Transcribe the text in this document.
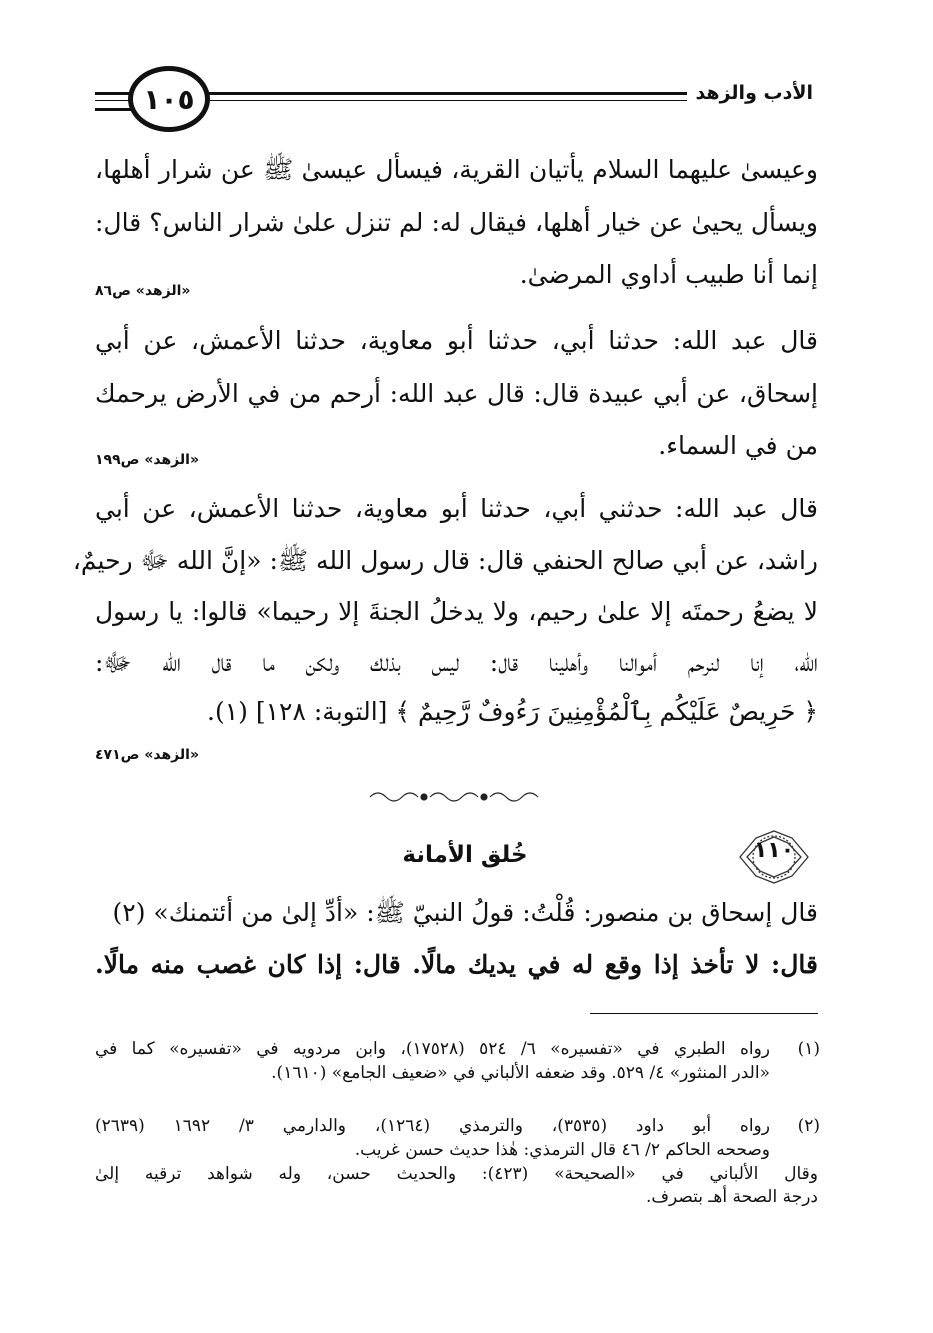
الأدب والزهد
١٠٥
وعيسىٰ عليهما السلام يأتيان القرية، فيسأل عيسىٰ ﷺ عن شرار أهلها،
ويسأل يحيىٰ عن خيار أهلها، فيقال له: لم تنزل علىٰ شرار الناس؟ قال:
إنما أنا طبيب أداوي المرضىٰ.
«الزهد» ص٨٦
قال عبد الله: حدثنا أبي، حدثنا أبو معاوية، حدثنا الأعمش، عن أبي
إسحاق، عن أبي عبيدة قال: قال عبد الله: أرحم من في الأرض يرحمك
من في السماء.
«الزهد» ص١٩٩
قال عبد الله: حدثني أبي، حدثنا أبو معاوية، حدثنا الأعمش، عن أبي
راشد، عن أبي صالح الحنفي قال: قال رسول الله ﷺ: «إنَّ الله ﷻ رحيمٌ،
لا يضعُ رحمتَه إلا علىٰ رحيم، ولا يدخلُ الجنةَ إلا رحيما» قالوا: يا رسول
الله، إنا لنرحم أموالنا وأهلينا قال: ليس بذلك ولكن ما قال الله ﷻ:
﴿ حَرِيصٌ عَلَيْكُم بِٱلْمُؤْمِنِينَ رَءُوفٌ رَّحِيمٌ ﴾ [التوبة: ١٢٨] (١).
«الزهد» ص٤٧١
١١٠
خُلق الأمانة
قال إسحاق بن منصور: قُلْتُ: قولُ النبيّ ﷺ: «أدِّ إلىٰ من أئتمنك» (٢)
قال: لا تأخذ إذا وقع له في يديك مالًا. قال: إذا كان غصب منه مالًا.
(١)
رواه الطبري في «تفسيره» ٦/ ٥٢٤ (١٧٥٢٨)، وابن مردويه في «تفسيره» كما في
«الدر المنثور» ٤/ ٥٢٩. وقد ضعفه الألباني في «ضعيف الجامع» (١٦١٠).
(٢)
رواه أبو داود (٣٥٣٥)، والترمذي (١٢٦٤)، والدارمي ٣/ ١٦٩٢ (٢٦٣٩)
وصححه الحاكم ٢/ ٤٦ قال الترمذي: هٰذا حديث حسن غريب.
وقال الألباني في «الصحيحة» (٤٢٣): والحديث حسن، وله شواهد ترقيه إلىٰ
درجة الصحة أهـ بتصرف.
